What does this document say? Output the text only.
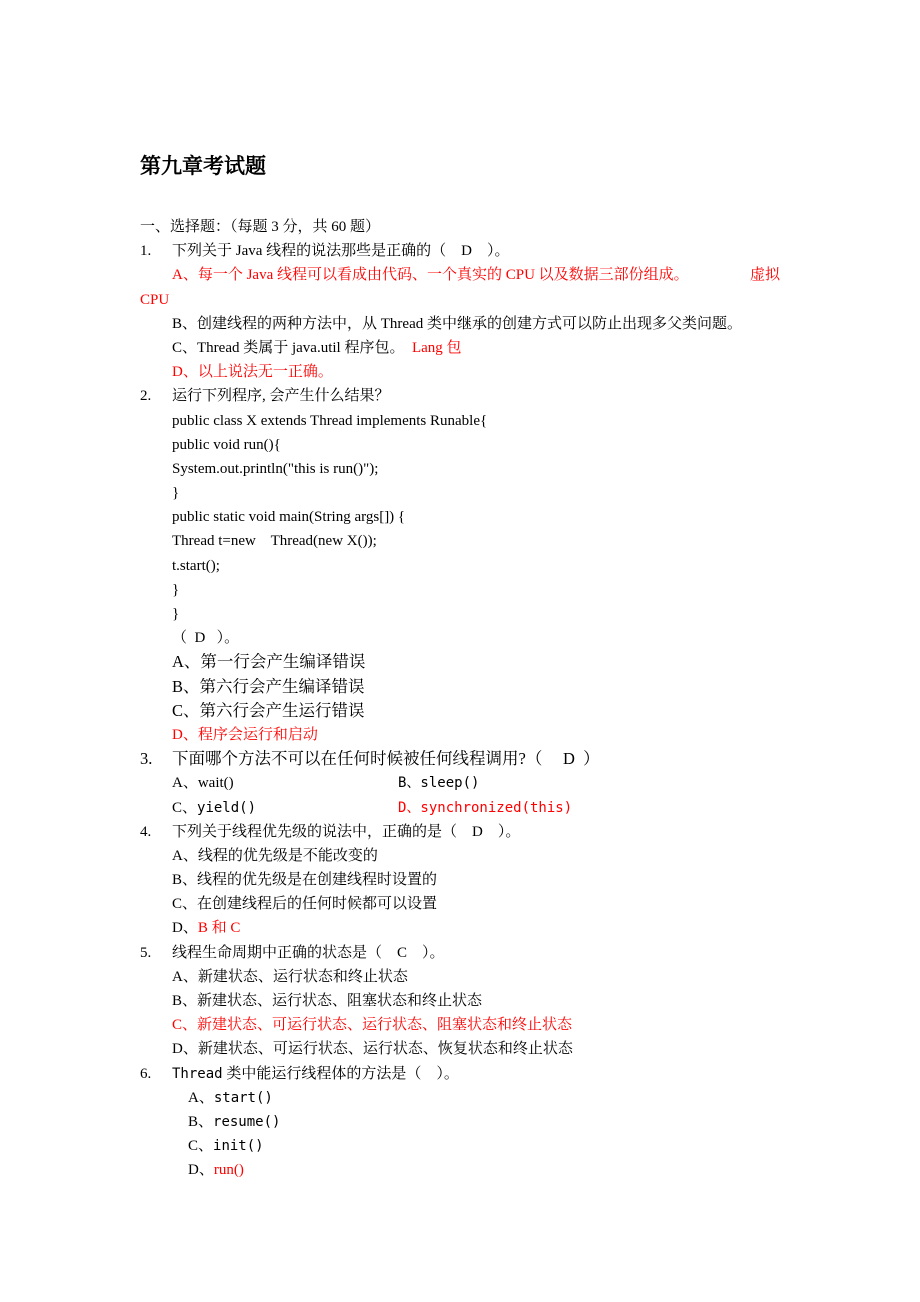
第九章考试题
一、选择题：（每题 3 分，共 60 题）
1. 下列关于 Java 线程的说法那些是正确的（    D    ）。
A、每一个 Java 线程可以看成由代码、一个真实的 CPU 以及数据三部份组成。	虚拟
CPU
B、创建线程的两种方法中，从 Thread 类中继承的创建方式可以防止出现多父类问题。
C、Thread 类属于 java.util 程序包。  Lang 包
D、以上说法无一正确。
2. 运行下列程序, 会产生什么结果？
public class X extends Thread implements Runable{
public void run(){
System.out.println("this is run()");
}
public static void main(String args[]) {
Thread t=new    Thread(new X());
t.start();
}
}
（  D   ）。
A、第一行会产生编译错误
B、第六行会产生编译错误
C、第六行会产生运行错误
D、程序会运行和启动
3. 下面哪个方法不可以在任何时候被任何线程调用?（     D  ）
A、wait()	B、sleep()
C、yield()	D、synchronized(this)
4. 下列关于线程优先级的说法中，正确的是（    D    ）。
A、线程的优先级是不能改变的
B、线程的优先级是在创建线程时设置的
C、在创建线程后的任何时候都可以设置
D、B 和 C
5. 线程生命周期中正确的状态是（    C    ）。
A、新建状态、运行状态和终止状态
B、新建状态、运行状态、阻塞状态和终止状态
C、新建状态、可运行状态、运行状态、阻塞状态和终止状态
D、新建状态、可运行状态、运行状态、恢复状态和终止状态
6. Thread 类中能运行线程体的方法是（    ）。
A、start()
B、resume()
C、init()
D、run()
